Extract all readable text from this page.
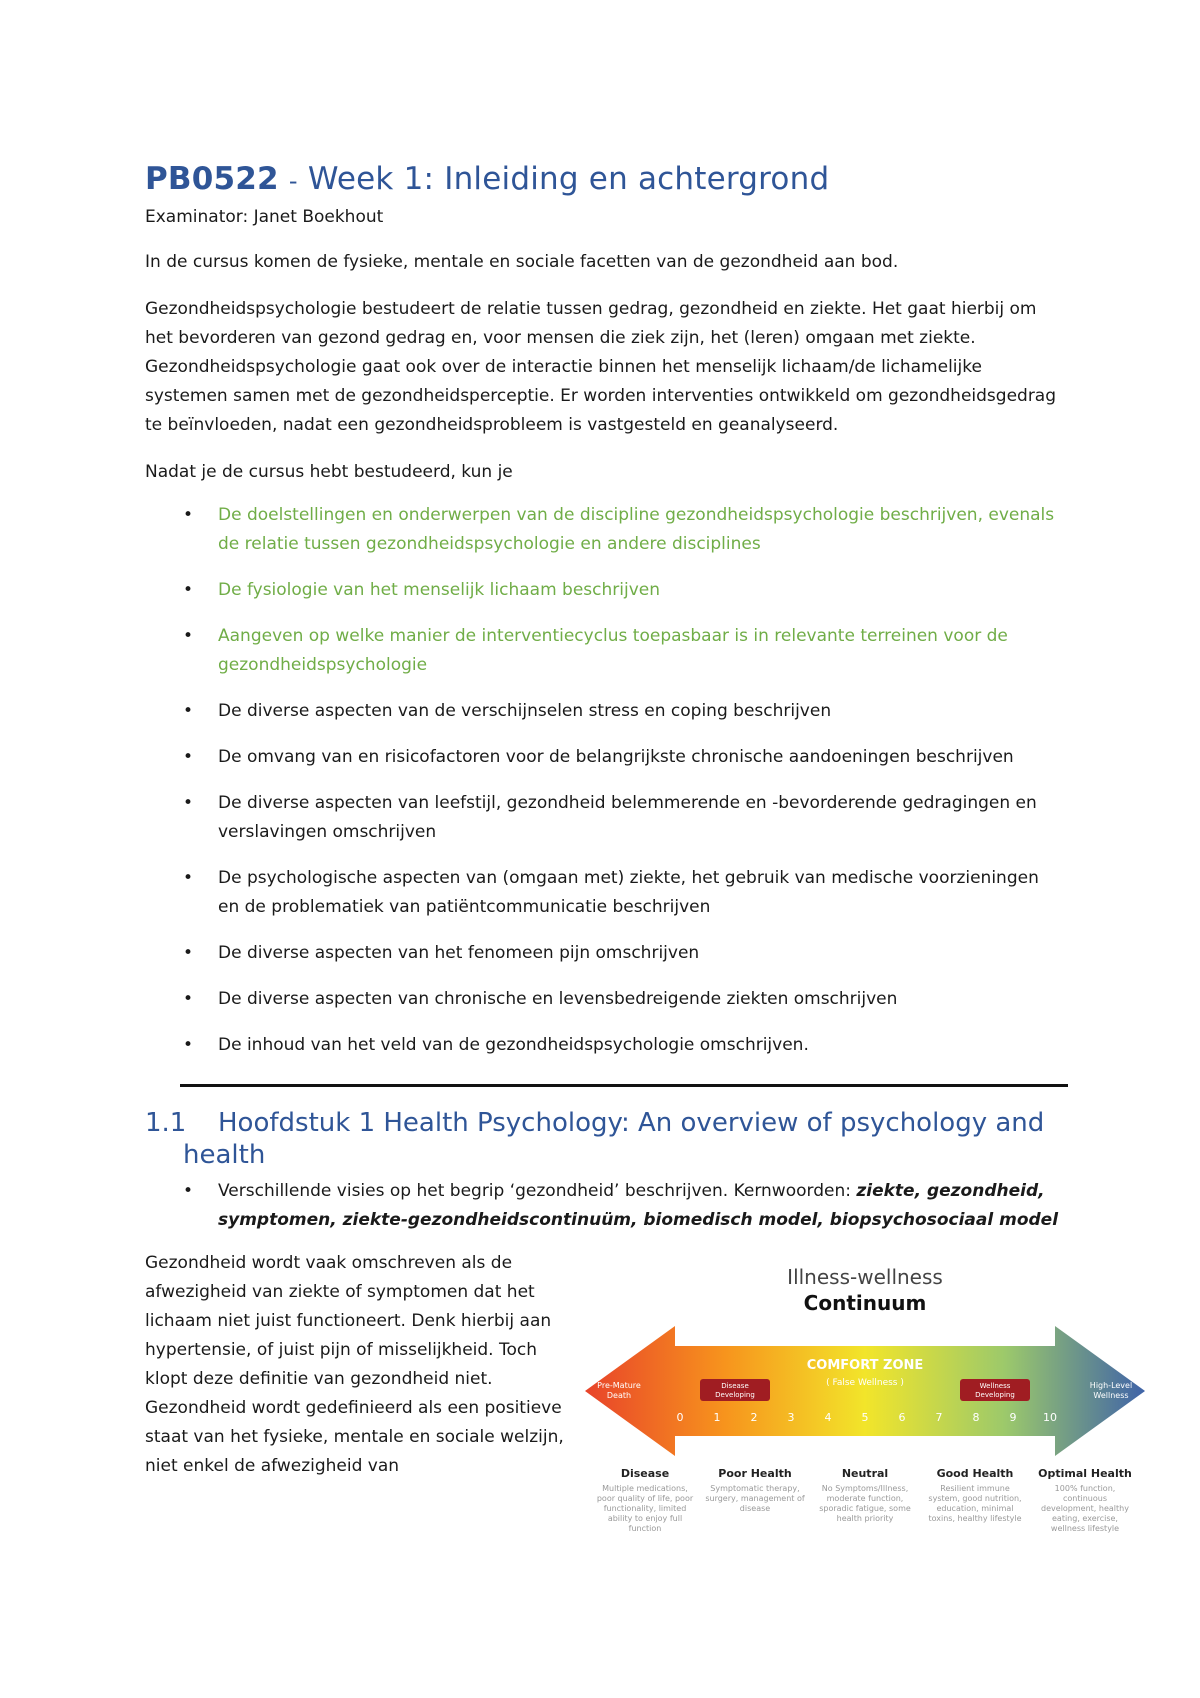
PB0522 - Week 1: Inleiding en achtergrond
Examinator: Janet Boekhout

In de cursus komen de fysieke, mentale en sociale facetten van de gezondheid aan bod.

Gezondheidspsychologie bestudeert de relatie tussen gedrag, gezondheid en ziekte. Het gaat hierbij om het bevorderen van gezond gedrag en, voor mensen die ziek zijn, het (leren) omgaan met ziekte. Gezondheidspsychologie gaat ook over de interactie binnen het menselijk lichaam/de lichamelijke systemen samen met de gezondheidsperceptie. Er worden interventies ontwikkeld om gezondheidsgedrag te beïnvloeden, nadat een gezondheidsprobleem is vastgesteld en geanalyseerd.

Nadat je de cursus hebt bestudeerd, kun je

• De doelstellingen en onderwerpen van de discipline gezondheidspsychologie beschrijven, evenals de relatie tussen gezondheidspsychologie en andere disciplines
• De fysiologie van het menselijk lichaam beschrijven
• Aangeven op welke manier de interventiecyclus toepasbaar is in relevante terreinen voor de gezondheidspsychologie
• De diverse aspecten van de verschijnselen stress en coping beschrijven
• De omvang van en risicofactoren voor de belangrijkste chronische aandoeningen beschrijven
• De diverse aspecten van leefstijl, gezondheid belemmerende en -bevorderende gedragingen en verslavingen omschrijven
• De psychologische aspecten van (omgaan met) ziekte, het gebruik van medische voorzieningen en de problematiek van patiëntcommunicatie beschrijven
• De diverse aspecten van het fenomeen pijn omschrijven
• De diverse aspecten van chronische en levensbedreigende ziekten omschrijven
• De inhoud van het veld van de gezondheidspsychologie omschrijven.
1.1 Hoofdstuk 1 Health Psychology: An overview of psychology and
health
• Verschillende visies op het begrip ‘gezondheid’ beschrijven. Kernwoorden: ziekte, gezondheid, symptomen, ziekte-gezondheidscontinuüm, biomedisch model, biopsychosociaal model

Gezondheid wordt vaak omschreven als de afwezigheid van ziekte of symptomen dat het lichaam niet juist functioneert. Denk hierbij aan hypertensie, of juist pijn of misselijkheid. Toch klopt deze definitie van gezondheid niet. Gezondheid wordt gedefinieerd als een positieve staat van het fysieke, mentale en sociale welzijn, niet enkel de afwezigheid van

Illness-wellness
Continuum
COMFORT ZONE
( False Wellness )
Pre-Mature Death
High-Level Wellness
Disease Developing
Wellness Developing
0	1	2	3	4	5	6	7	8	9 10
Disease
Multiple medications, poor quality of life, poor functionality, limited ability to enjoy full function
Poor Health
Symptomatic therapy, surgery, management of disease
Neutral
No Symptoms/Illness, moderate function, sporadic fatigue, some health priority
Good Health
Resilient immune system, good nutrition, education, minimal toxins, healthy lifestyle
Optimal Health
100% function, continuous development, healthy eating, exercise, wellness lifestyle
